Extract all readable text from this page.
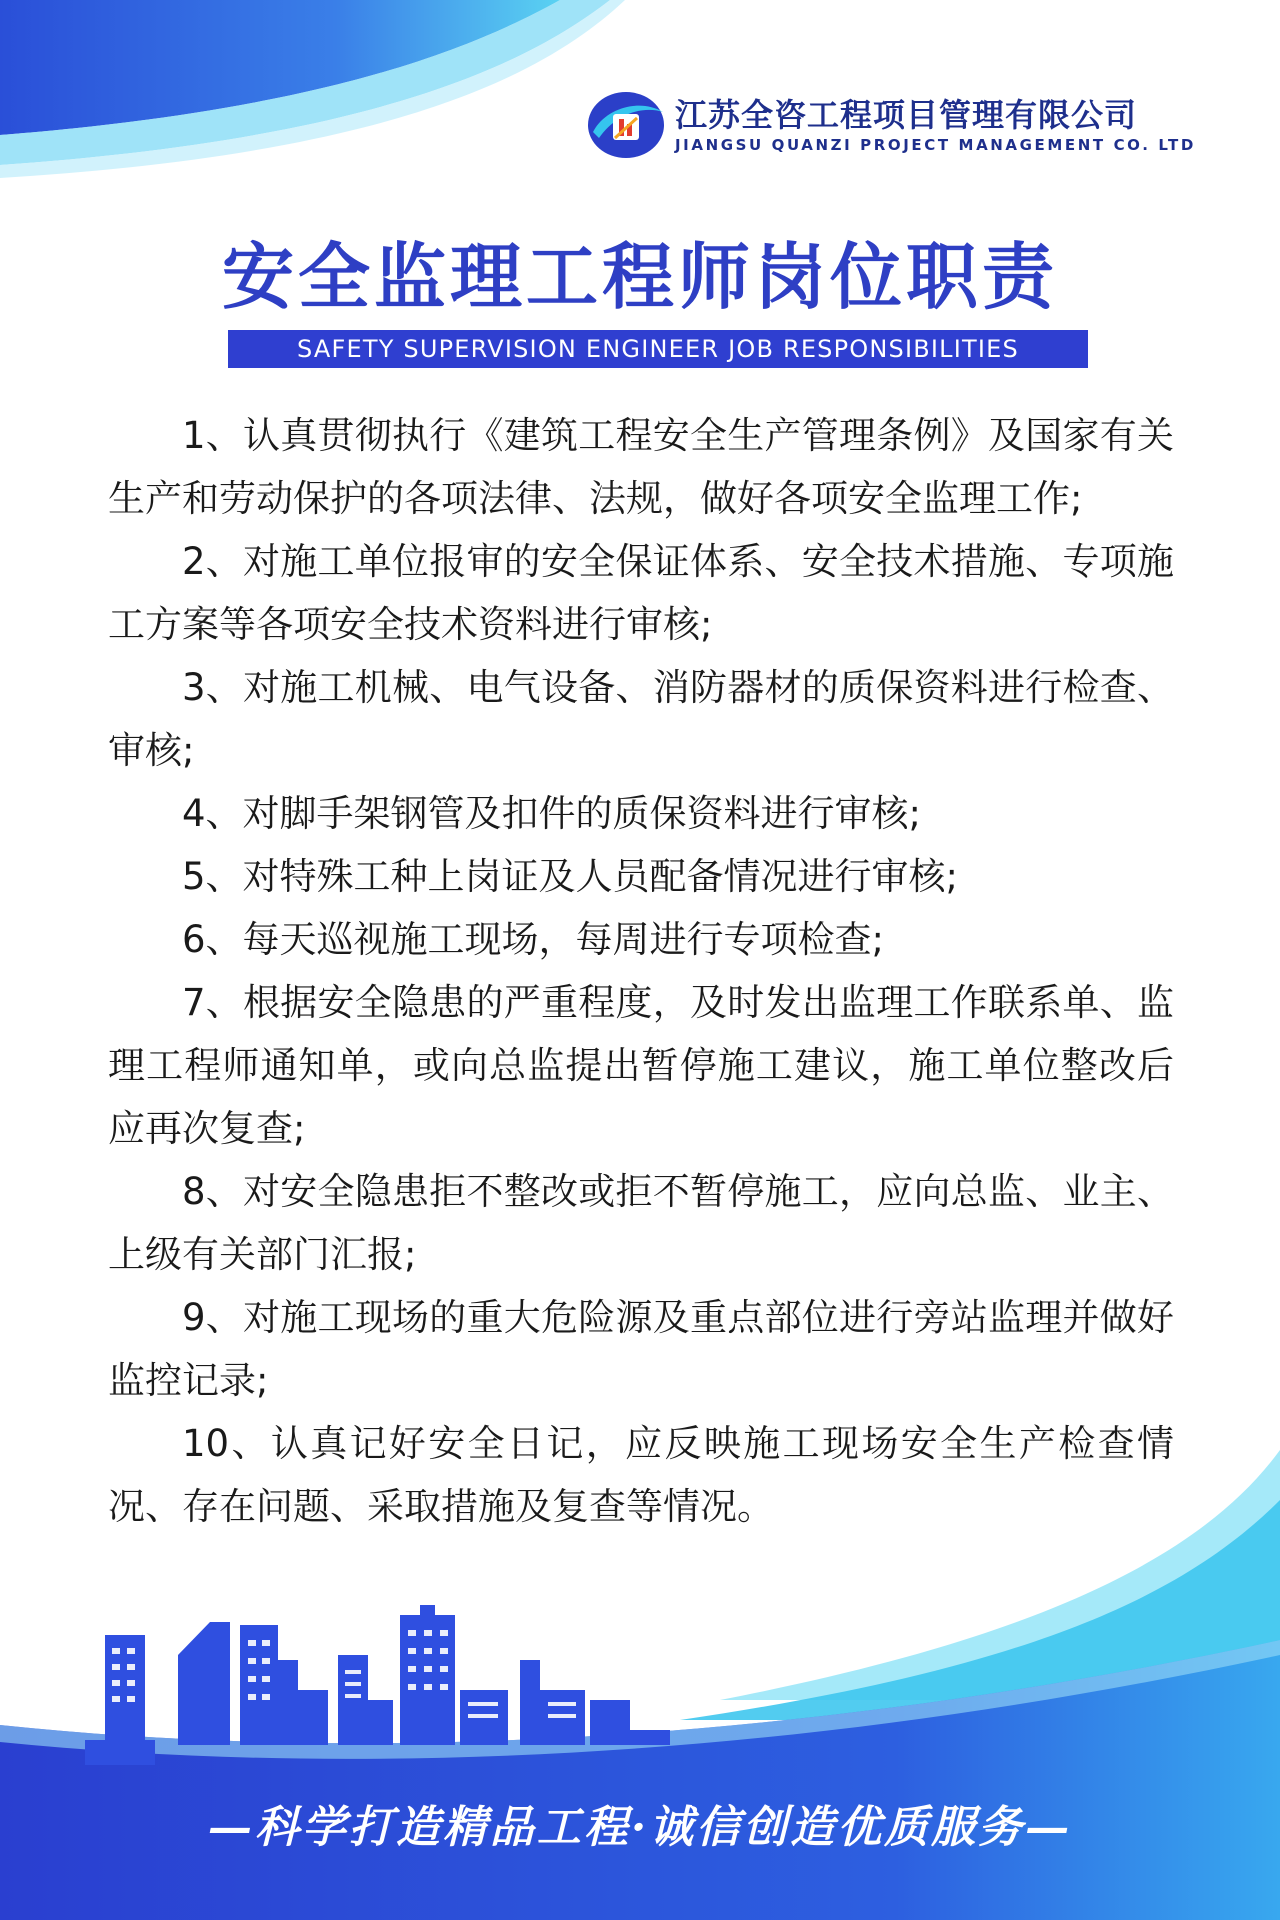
江苏全咨工程项目管理有限公司
JIANGSU QUANZI PROJECT MANAGEMENT CO. LTD
安全监理工程师岗位职责
SAFETY SUPERVISION ENGINEER JOB RESPONSIBILITIES

1、认真贯彻执行《建筑工程安全生产管理条例》及国家有关生产和劳动保护的各项法律、法规，做好各项安全监理工作;

2、对施工单位报审的安全保证体系、安全技术措施、专项施工方案等各项安全技术资料进行审核;

3、对施工机械、电气设备、消防器材的质保资料进行检查、审核;

4、对脚手架钢管及扣件的质保资料进行审核;

5、对特殊工种上岗证及人员配备情况进行审核;

6、每天巡视施工现场，每周进行专项检查;

7、根据安全隐患的严重程度，及时发出监理工作联系单、监理工程师通知单，或向总监提出暂停施工建议，施工单位整改后应再次复查;

8、对安全隐患拒不整改或拒不暂停施工，应向总监、业主、上级有关部门汇报;

9、对施工现场的重大危险源及重点部位进行旁站监理并做好监控记录;

10、认真记好安全日记，应反映施工现场安全生产检查情况、存在问题、采取措施及复查等情况。

—科学打造精品工程·诚信创造优质服务—
